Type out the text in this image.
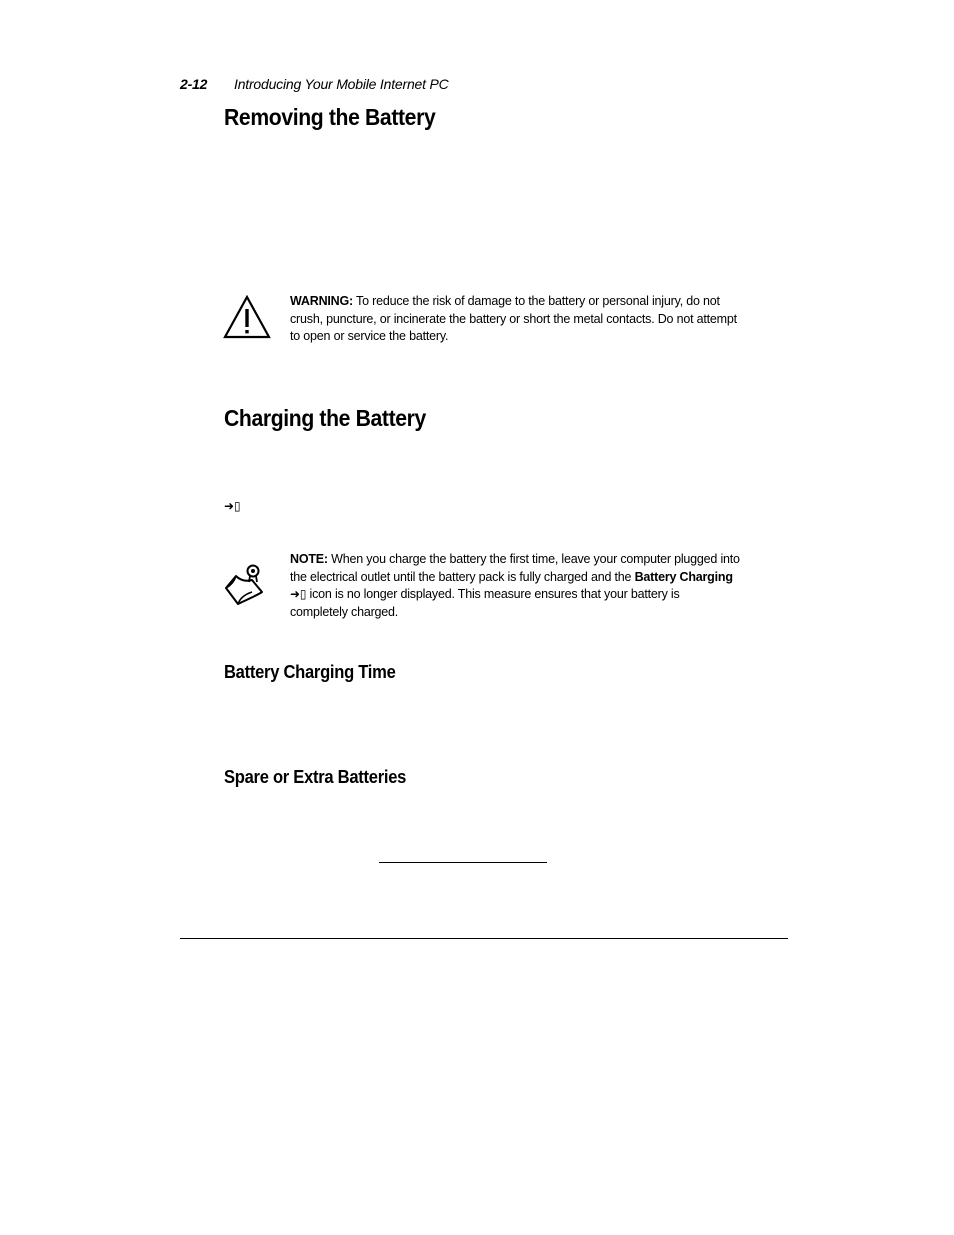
2-12 Introducing Your Mobile Internet PC
Removing the Battery
WARNING: To reduce the risk of damage to the battery or personal injury, do not crush, puncture, or incinerate the battery or short the metal contacts. Do not attempt to open or service the battery.
Charging the Battery
➜▯
NOTE: When you charge the battery the first time, leave your computer plugged into the electrical outlet until the battery pack is fully charged and the Battery Charging ➜▯ icon is no longer displayed. This measure ensures that your battery is completely charged.
Battery Charging Time
Spare or Extra Batteries
